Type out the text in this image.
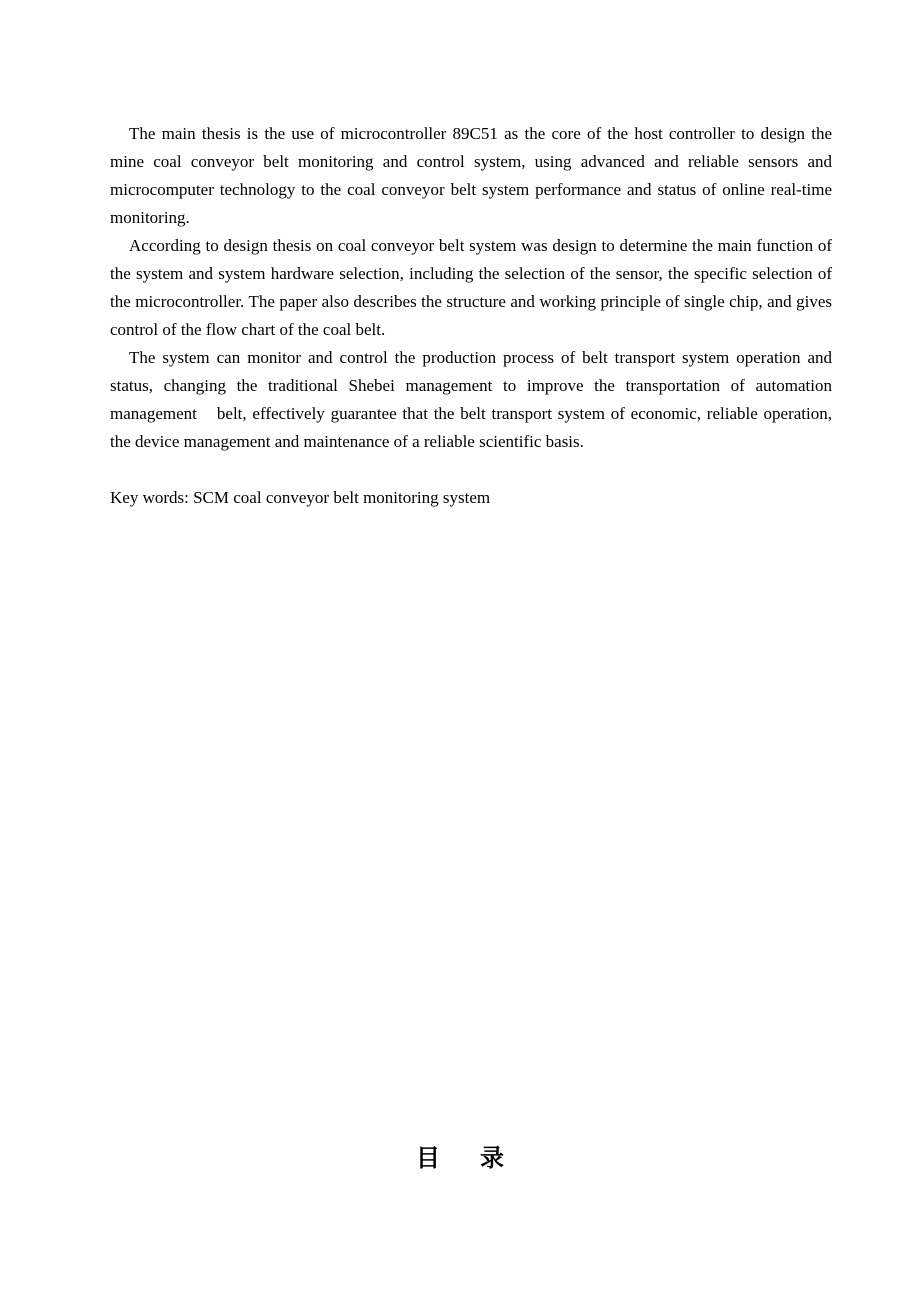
The main thesis is the use of microcontroller 89C51 as the core of the host controller to design the mine coal conveyor belt monitoring and control system, using advanced and reliable sensors and microcomputer technology to the coal conveyor belt system performance and status of online real-time monitoring.

According to design thesis on coal conveyor belt system was design to determine the main function of the system and system hardware selection, including the selection of the sensor, the specific selection of the microcontroller. The paper also describes the structure and working principle of single chip, and gives control of the flow chart of the coal belt.

The system can monitor and control the production process of belt transport system operation and status, changing the traditional Shebei management to improve the transportation of automation management　belt, effectively guarantee that the belt transport system of economic, reliable operation, the device management and maintenance of a reliable scientific basis.

Key words: SCM coal conveyor belt monitoring system

目 录
